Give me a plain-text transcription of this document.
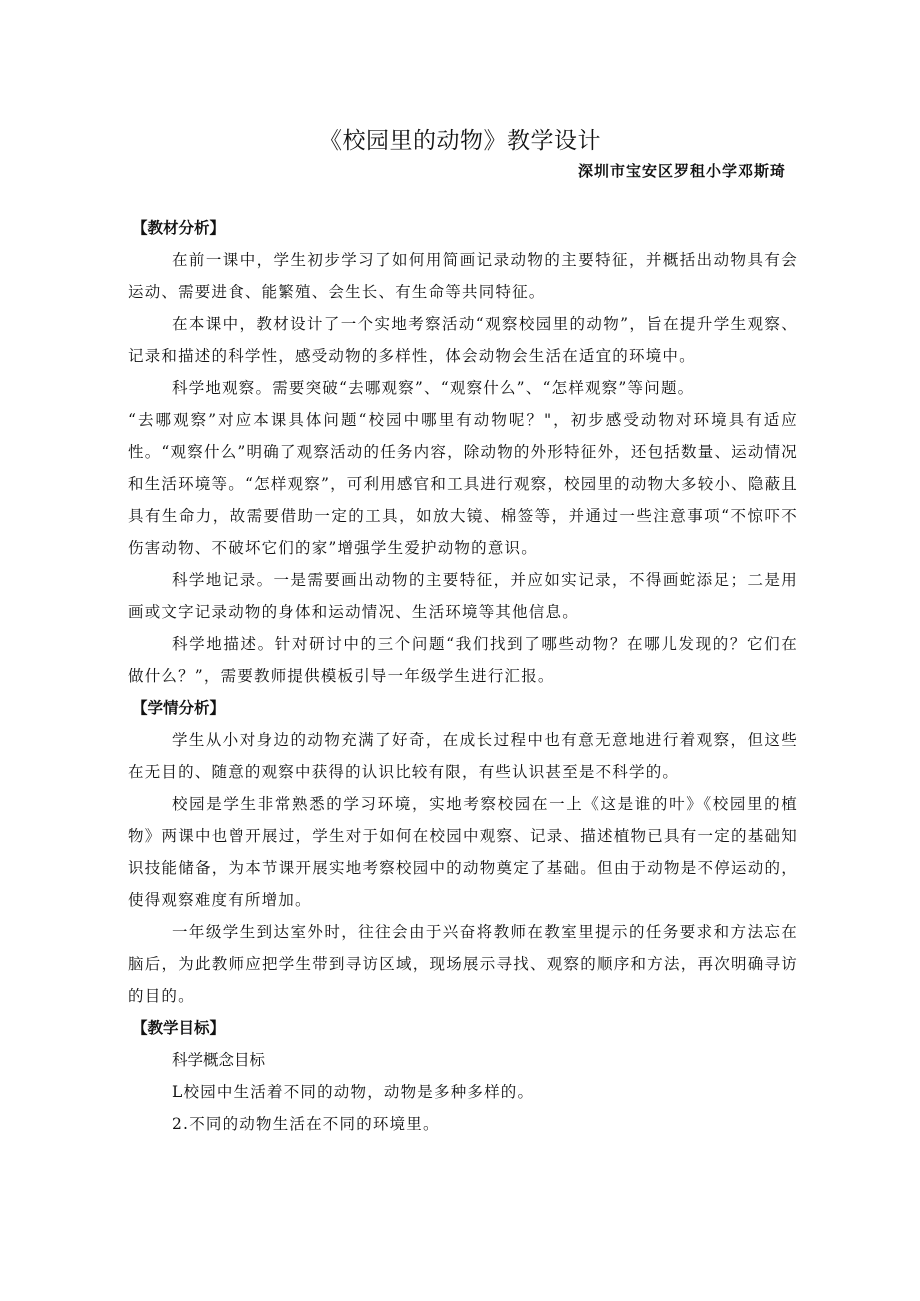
《校园里的动物》教学设计
深圳市宝安区罗租小学邓斯琦

【教材分析】

在前一课中，学生初步学习了如何用简画记录动物的主要特征，并概括出动物具有会运动、需要进食、能繁殖、会生长、有生命等共同特征。

在本课中，教材设计了一个实地考察活动“观察校园里的动物”，旨在提升学生观察、记录和描述的科学性，感受动物的多样性，体会动物会生活在适宜的环境中。

科学地观察。需要突破“去哪观察”、“观察什么”、“怎样观察”等问题。

“去哪观察”对应本课具体问题“校园中哪里有动物呢？"，初步感受动物对环境具有适应性。“观察什么”明确了观察活动的任务内容，除动物的外形特征外，还包括数量、运动情况和生活环境等。“怎样观察”，可利用感官和工具进行观察，校园里的动物大多较小、隐蔽且具有生命力，故需要借助一定的工具，如放大镜、棉签等，并通过一些注意事项“不惊吓不伤害动物、不破坏它们的家”增强学生爱护动物的意识。

科学地记录。一是需要画出动物的主要特征，并应如实记录，不得画蛇添足；二是用画或文字记录动物的身体和运动情况、生活环境等其他信息。

科学地描述。针对研讨中的三个问题“我们找到了哪些动物？在哪儿发现的？它们在做什么？”，需要教师提供模板引导一年级学生进行汇报。

【学情分析】

学生从小对身边的动物充满了好奇，在成长过程中也有意无意地进行着观察，但这些在无目的、随意的观察中获得的认识比较有限，有些认识甚至是不科学的。

校园是学生非常熟悉的学习环境，实地考察校园在一上《这是谁的叶》《校园里的植物》两课中也曾开展过，学生对于如何在校园中观察、记录、描述植物已具有一定的基础知识技能储备，为本节课开展实地考察校园中的动物奠定了基础。但由于动物是不停运动的，使得观察难度有所增加。

一年级学生到达室外时，往往会由于兴奋将教师在教室里提示的任务要求和方法忘在脑后，为此教师应把学生带到寻访区域，现场展示寻找、观察的顺序和方法，再次明确寻访的目的。

【教学目标】

科学概念目标

L校园中生活着不同的动物，动物是多种多样的。

2.不同的动物生活在不同的环境里。
